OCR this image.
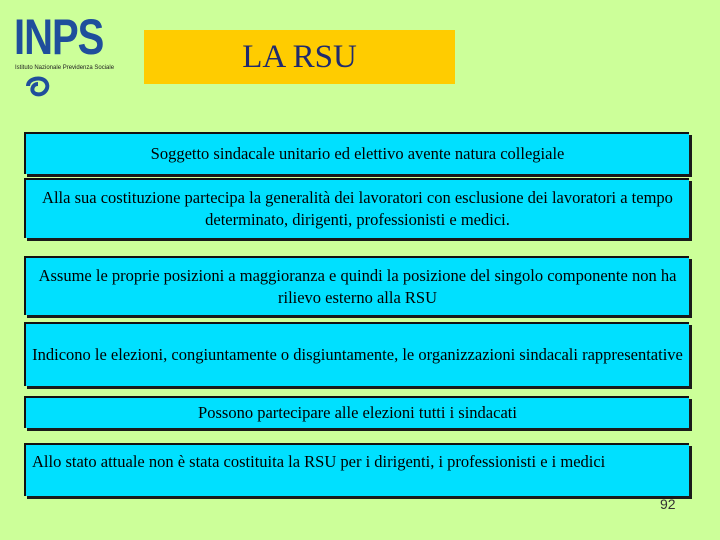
INPS
Istituto Nazionale Previdenza Sociale	LA RSU
Soggetto sindacale unitario ed elettivo avente natura collegiale
Alla sua costituzione partecipa la generalità dei lavoratori con esclusione dei lavoratori a tempo determinato, dirigenti, professionisti e medici.
Assume le proprie posizioni a maggioranza e quindi la posizione del singolo componente non ha rilievo esterno alla RSU
Indicono le elezioni, congiuntamente o disgiuntamente, le organizzazioni sindacali rappresentative
Possono partecipare alle elezioni tutti i sindacati
Allo stato attuale non è stata costituita la RSU per i dirigenti, i professionisti e i medici
92
